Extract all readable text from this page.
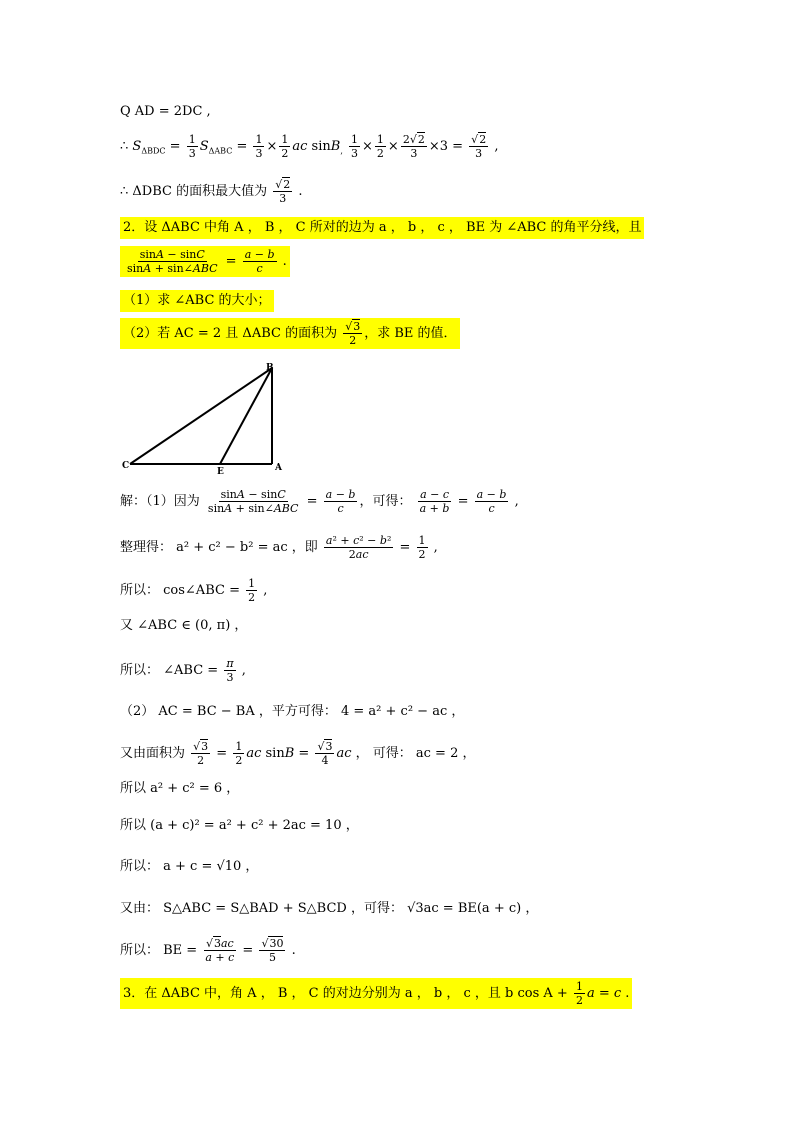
Q AD = 2DC ,
∴ $S_{\Delta BDC} = \frac{1}{3} S_{\Delta ABC} = \frac{1}{3} \times \frac{1}{2}$ ac $\sin B_, \frac{1}{3} \times \frac{1}{2} \times \frac{2√2}{3} \times 3 = \frac{√2}{3}$ ,
∴ ΔDBC 的面积最大值为 $\frac{√2}{3}$ .
2．设 ΔABC 中角 A ， B ， C 所对的边为 a ， b ， c ， BE 为 ∠ABC 的角平分线，且
$\frac{\sin A - \sin C}{\text{sinA + sin∠ABC}} = \frac{a - b}{c}$ .
（1）求 ∠ABC 的大小；
（2）若 AC = 2 且 ΔABC 的面积为 $\frac{√3}{2}$ ，求 BE 的值．
B
C
E	A
解：（1）因为 $\frac{\sin A - \sin C}{\text{sinA + sin∠ABC}} = \frac{a - b}{c}$ ，可得： $\frac{a - c}{a + b} = \frac{a - b}{c}$ ,
整理得： a² + c² − b² = ac ，即 $\frac{\text{a² + c² − b²}}{2ac} = \frac{1}{2}$ ,
所以： cos∠ABC = $\frac{1}{2}$ ,
又 ∠ABC ∈ (0, π) ，
所以： ∠ABC = $\frac{\pi}{3}$ ,
（2） AC = BC − BA ，平方可得： 4 = a² + c² − ac ，
又由面积为 $\frac{√3}{2} = \frac{1}{2}$ ac $\sin B = \frac{√3}{4}$ ac ， 可得： ac = 2 ，
所以 a² + c² = 6 ，
所以 (a + c)² = a² + c² + 2ac = 10 ，
所以： a + c = √10 ，
又由： S△ABC = S△BAD + S△BCD ，可得： √3ac = BE(a + c) ，
所以： BE = $\frac{√3ac}{a + c} = \frac{√30}{5}$ .
3．在 ΔABC 中，角 A ， B ， C 的对边分别为 a ， b ， c ，且 b $\cos A + \frac{1}{2}$ a = c .
